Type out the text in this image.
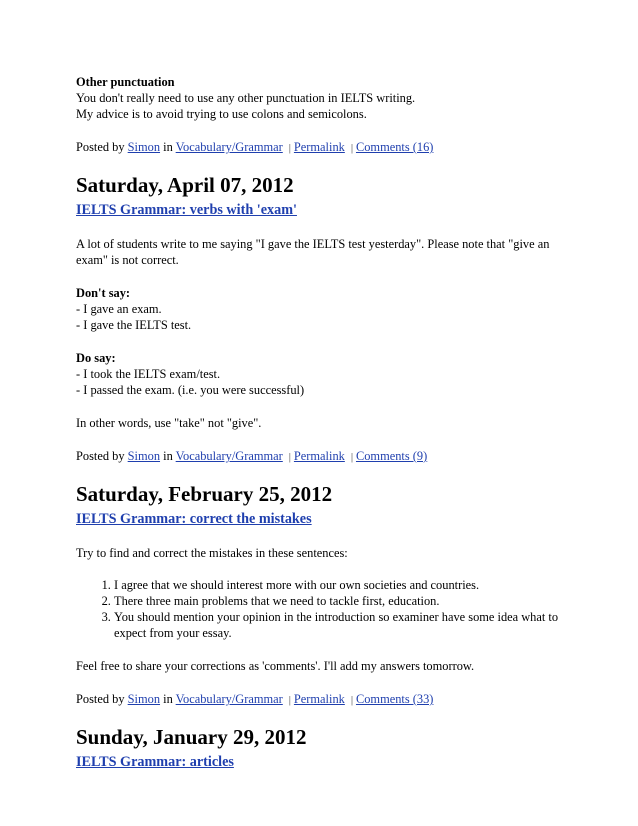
Other punctuation

You don't really need to use any other punctuation in IELTS writing.

My advice is to avoid trying to use colons and semicolons.

Posted by Simon in Vocabulary/Grammar | Permalink | Comments (16)

Saturday, April 07, 2012
IELTS Grammar: verbs with 'exam'

A lot of students write to me saying "I gave the IELTS test yesterday". Please note that "give an exam" is not correct.

Don't say:

- I gave an exam.

- I gave the IELTS test.

Do say:

- I took the IELTS exam/test.

- I passed the exam. (i.e. you were successful)

In other words, use "take" not "give".

Posted by Simon in Vocabulary/Grammar | Permalink | Comments (9)

Saturday, February 25, 2012
IELTS Grammar: correct the mistakes

Try to find and correct the mistakes in these sentences:

1. I agree that we should interest more with our own societies and countries.
2. There three main problems that we need to tackle first, education.
3. You should mention your opinion in the introduction so examiner have some idea what to expect from your essay.

Feel free to share your corrections as 'comments'. I'll add my answers tomorrow.

Posted by Simon in Vocabulary/Grammar | Permalink | Comments (33)

Sunday, January 29, 2012
IELTS Grammar: articles
